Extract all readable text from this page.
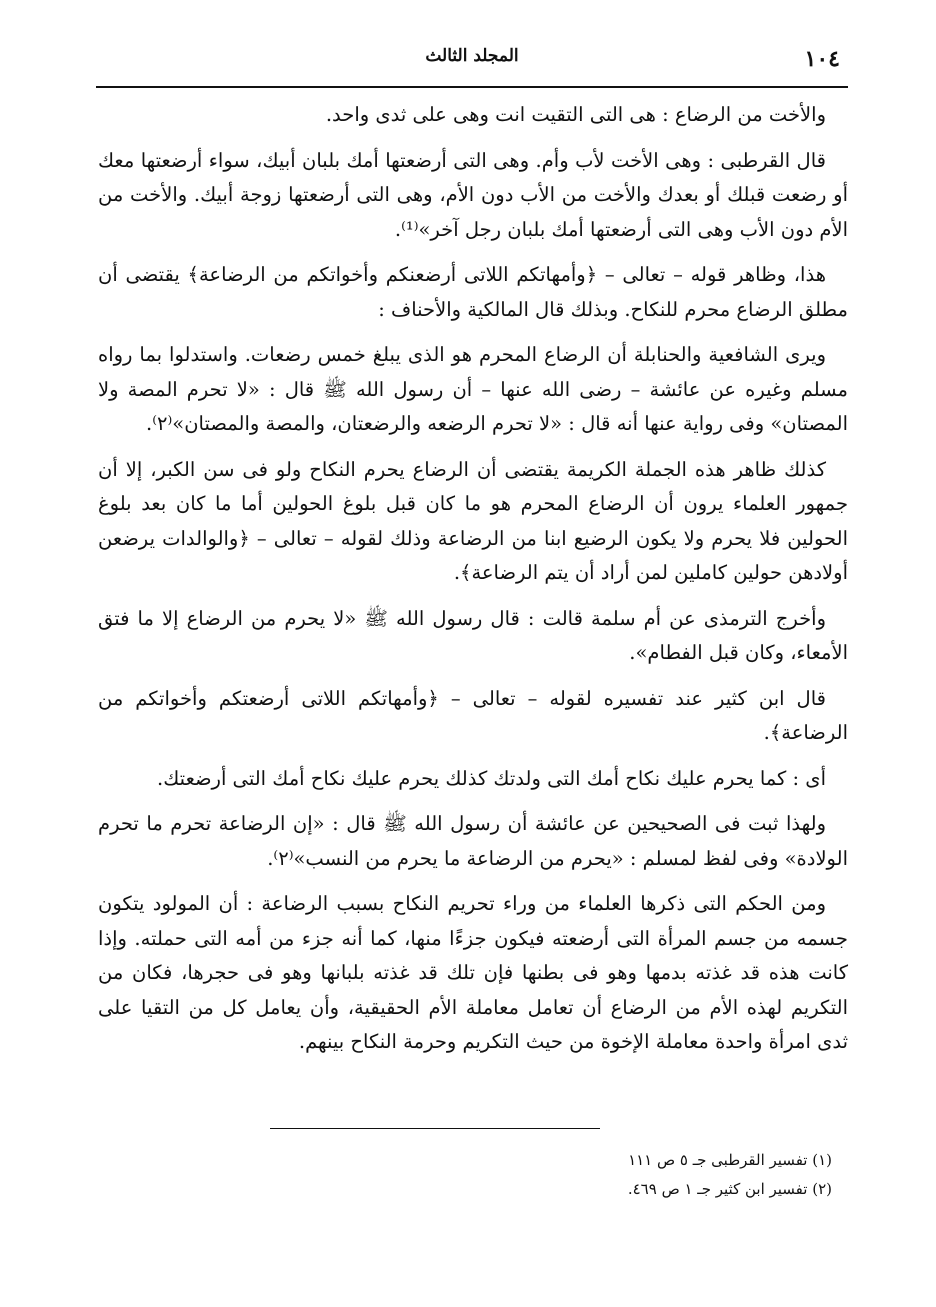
١٠٤
المجلد الثالث

والأخت من الرضاع : هى التى التقيت انت وهى على ثدى واحد.

قال القرطبى : وهى الأخت لأب وأم. وهى التى أرضعتها أمك بلبان أبيك، سواء أرضعتها معك أو رضعت قبلك أو بعدك والأخت من الأب دون الأم، وهى التى أرضعتها زوجة أبيك. والأخت من الأم دون الأب وهى التى أرضعتها أمك بلبان رجل آخر»⁽¹⁾.

هذا، وظاهر قوله – تعالى – ﴿وأمهاتكم اللاتى أرضعنكم وأخواتكم من الرضاعة﴾ يقتضى أن مطلق الرضاع محرم للنكاح. وبذلك قال المالكية والأحناف :

ويرى الشافعية والحنابلة أن الرضاع المحرم هو الذى يبلغ خمس رضعات. واستدلوا بما رواه مسلم وغيره عن عائشة – رضى الله عنها – أن رسول الله ﷺ قال : «لا تحرم المصة ولا المصتان» وفى رواية عنها أنه قال : «لا تحرم الرضعه والرضعتان، والمصة والمصتان»⁽٢⁾.

كذلك ظاهر هذه الجملة الكريمة يقتضى أن الرضاع يحرم النكاح ولو فى سن الكبر، إلا أن جمهور العلماء يرون أن الرضاع المحرم هو ما كان قبل بلوغ الحولين أما ما كان بعد بلوغ الحولين فلا يحرم ولا يكون الرضيع ابنا من الرضاعة وذلك لقوله – تعالى – ﴿والوالدات يرضعن أولادهن حولين كاملين لمن أراد أن يتم الرضاعة﴾.

وأخرج الترمذى عن أم سلمة قالت : قال رسول الله ﷺ «لا يحرم من الرضاع إلا ما فتق الأمعاء، وكان قبل الفطام».

قال ابن كثير عند تفسيره لقوله – تعالى – ﴿وأمهاتكم اللاتى أرضعتكم وأخواتكم من الرضاعة﴾.

أى : كما يحرم عليك نكاح أمك التى ولدتك كذلك يحرم عليك نكاح أمك التى أرضعتك.

ولهذا ثبت فى الصحيحين عن عائشة أن رسول الله ﷺ قال : «إن الرضاعة تحرم ما تحرم الولادة» وفى لفظ لمسلم : «يحرم من الرضاعة ما يحرم من النسب»⁽٢⁾.

ومن الحكم التى ذكرها العلماء من وراء تحريم النكاح بسبب الرضاعة : أن المولود يتكون جسمه من جسم المرأة التى أرضعته فيكون جزءًا منها، كما أنه جزء من أمه التى حملته. وإذا كانت هذه قد غذته بدمها وهو فى بطنها فإن تلك قد غذته بلبانها وهو فى حجرها، فكان من التكريم لهذه الأم من الرضاع أن تعامل معاملة الأم الحقيقية، وأن يعامل كل من التقيا على ثدى امرأة واحدة معاملة الإخوة من حيث التكريم وحرمة النكاح بينهم.

(١) تفسير القرطبى جـ ٥ ص ١١١

(٢) تفسير ابن كثير جـ ١ ص ٤٦٩.
